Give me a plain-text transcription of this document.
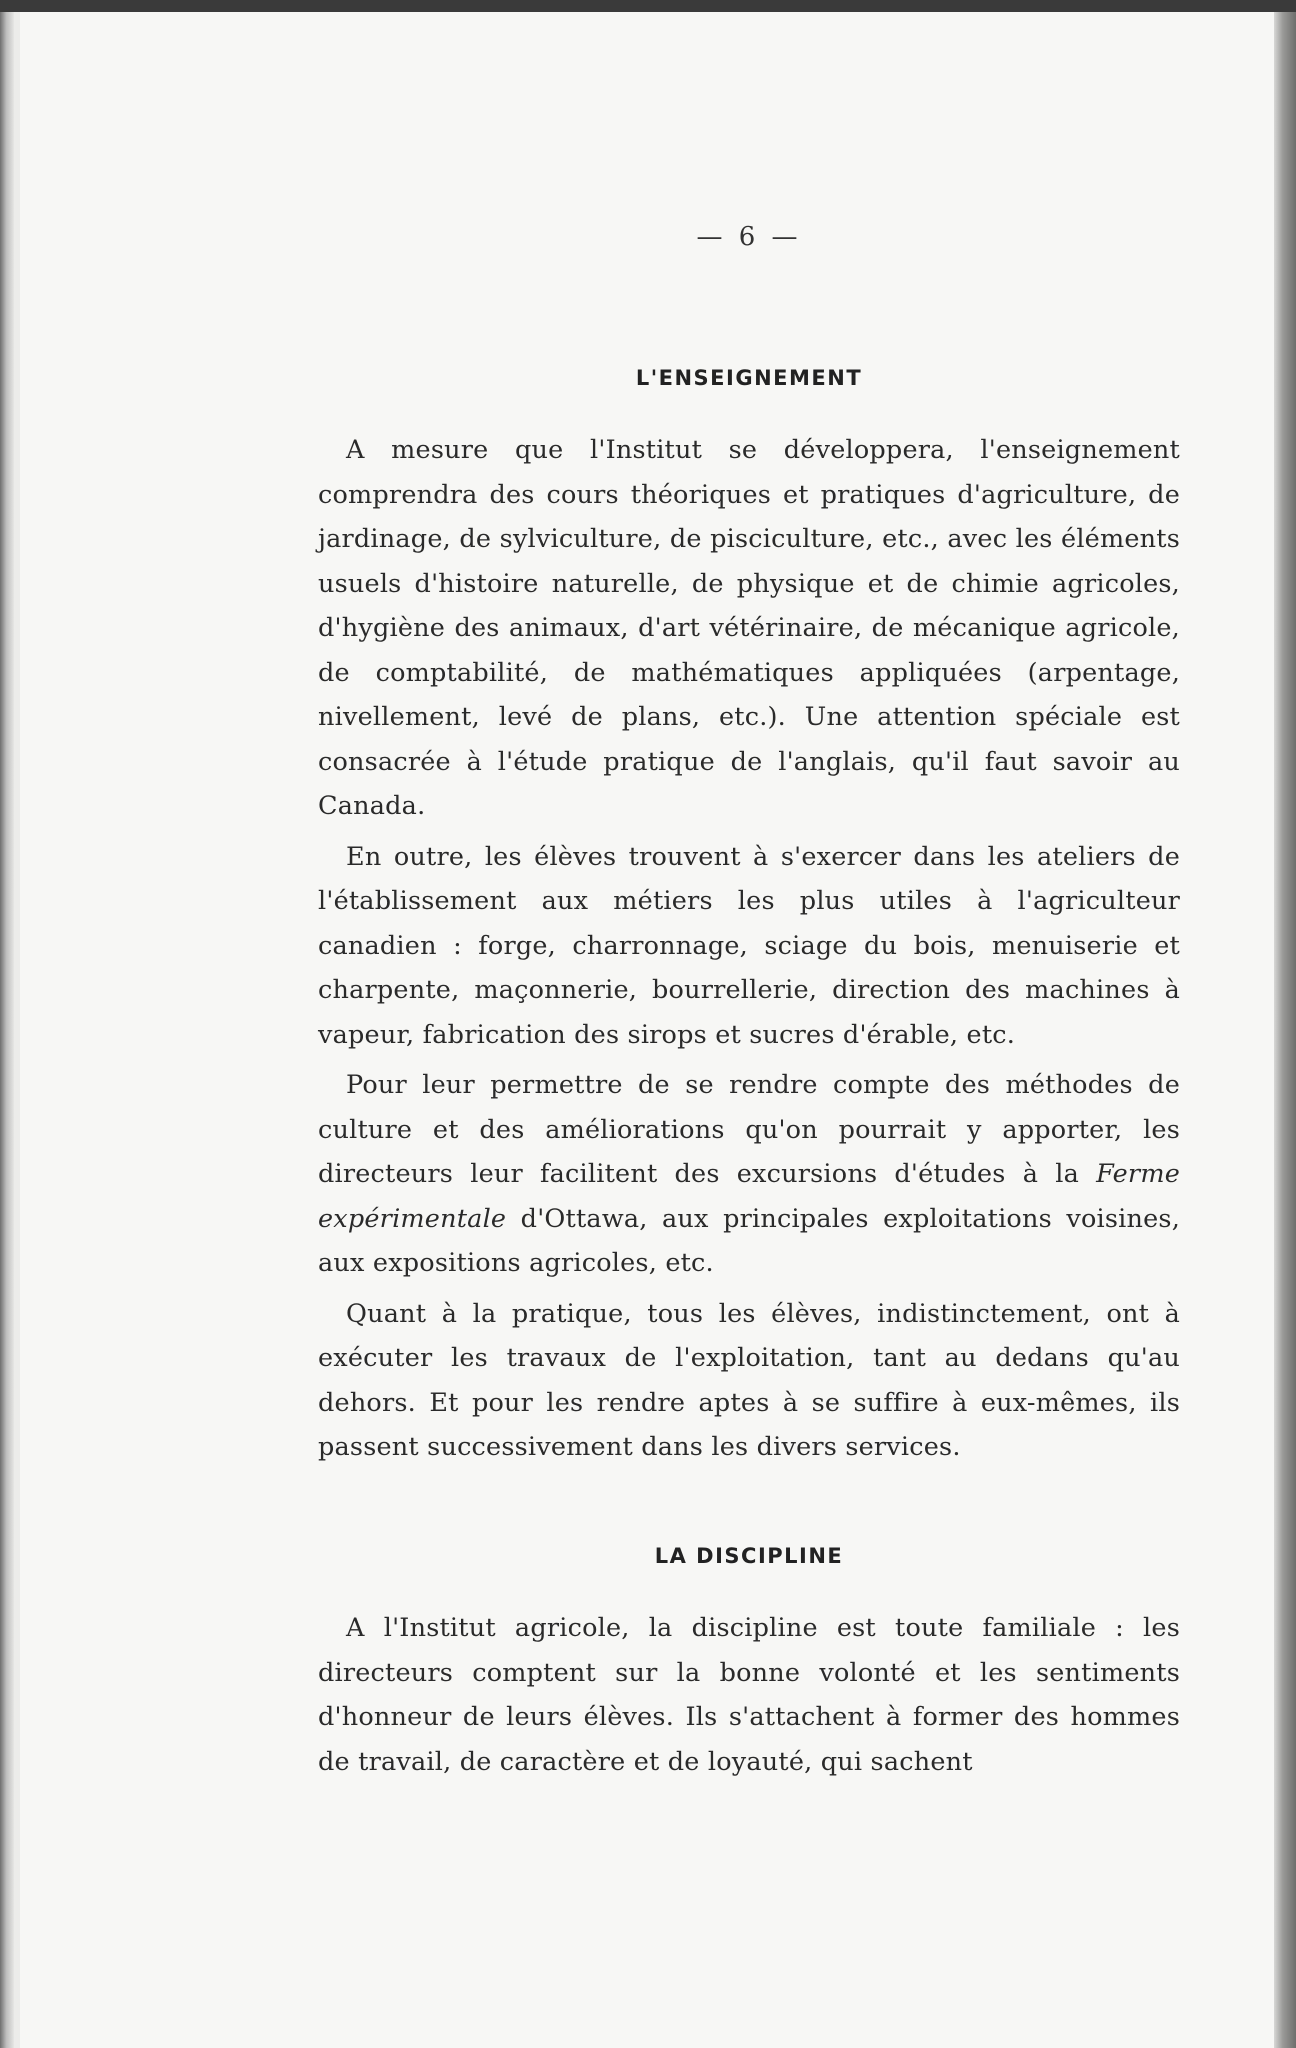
— 6 —
L'ENSEIGNEMENT

A mesure que l'Institut se développera, l'enseignement comprendra des cours théoriques et pratiques d'agriculture, de jardinage, de sylviculture, de pisciculture, etc., avec les éléments usuels d'histoire naturelle, de physique et de chimie agricoles, d'hygiène des animaux, d'art vétérinaire, de mécanique agricole, de comptabilité, de mathématiques appliquées (arpentage, nivellement, levé de plans, etc.). Une attention spéciale est consacrée à l'étude pratique de l'anglais, qu'il faut savoir au Canada.

En outre, les élèves trouvent à s'exercer dans les ateliers de l'établissement aux métiers les plus utiles à l'agriculteur canadien : forge, charronnage, sciage du bois, menuiserie et charpente, maçonnerie, bourrellerie, direction des machines à vapeur, fabrication des sirops et sucres d'érable, etc.

Pour leur permettre de se rendre compte des méthodes de culture et des améliorations qu'on pourrait y apporter, les directeurs leur facilitent des excursions d'études à la Ferme expérimentale d'Ottawa, aux principales exploitations voisines, aux expositions agricoles, etc.

Quant à la pratique, tous les élèves, indistinctement, ont à exécuter les travaux de l'exploitation, tant au dedans qu'au dehors. Et pour les rendre aptes à se suffire à eux-mêmes, ils passent successivement dans les divers services.

LA DISCIPLINE

A l'Institut agricole, la discipline est toute familiale : les directeurs comptent sur la bonne volonté et les sentiments d'honneur de leurs élèves. Ils s'attachent à former des hommes de travail, de caractère et de loyauté, qui sachent
